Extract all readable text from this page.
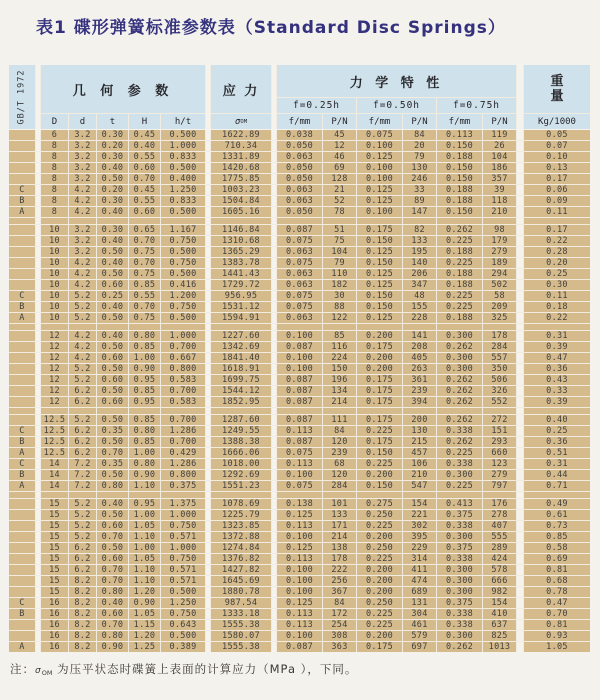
表1 碟形弹簧标准参数表（Standard Disc Springs）
GB/T 1972	几 何 参 数	应 力
力 学 特 性
f=0.25h	f=0.50h	f=0.75h
重
量
D	d	t	H	h/t	σ OM	f/mm	P/N	f/mm	P/N	f/mm	P/N	Kg/1000
6	3.2	0.30	0.45	0.500	1622.89	0.038	45	0.075	84	0.113	119	0.05
8	3.2	0.20	0.40	1.000	710.34	0.050	12	0.100	20	0.150	26	0.07
8	3.2	0.30	0.55	0.833	1331.89	0.063	46	0.125	79	0.188	104	0.10
8	3.2	0.40	0.60	0.500	1420.68	0.050	69	0.100	130	0.150	186	0.13
8	3.2	0.50	0.70	0.400	1775.85	0.050	128	0.100	246	0.150	357	0.17
C	8	4.2	0.20	0.45	1.250	1003.23	0.063	21	0.125	33	0.188	39	0.06
B	8	4.2	0.30	0.55	0.833	1504.84	0.063	52	0.125	89	0.188	118	0.09
A	8	4.2	0.40	0.60	0.500	1605.16	0.050	78	0.100	147	0.150	210	0.11
10	3.2	0.30	0.65	1.167	1146.84	0.087	51	0.175	82	0.262	98	0.17
10	3.2	0.40	0.70	0.750	1310.68	0.075	75	0.150	133	0.225	179	0.22
10	3.2	0.50	0.75	0.500	1365.29	0.063	104	0.125	195	0.188	279	0.28
10	4.2	0.40	0.70	0.750	1383.78	0.075	79	0.150	140	0.225	189	0.20
10	4.2	0.50	0.75	0.500	1441.43	0.063	110	0.125	206	0.188	294	0.25
10	4.2	0.60	0.85	0.416	1729.72	0.063	182	0.125	347	0.188	502	0.30
C	10	5.2	0.25	0.55	1.200	956.95	0.075	30	0.150	48	0.225	58	0.11
B	10	5.2	0.40	0.70	0.750	1531.12	0.075	88	0.150	155	0.225	209	0.18
A	10	5.2	0.50	0.75	0.500	1594.91	0.063	122	0.125	228	0.188	325	0.22
12	4.2	0.40	0.80	1.000	1227.60	0.100	85	0.200	141	0.300	178	0.31
12	4.2	0.50	0.85	0.700	1342.69	0.087	116	0.175	208	0.262	284	0.39
12	4.2	0.60	1.00	0.667	1841.40	0.100	224	0.200	405	0.300	557	0.47
12	5.2	0.50	0.90	0.800	1618.91	0.100	150	0.200	263	0.300	350	0.36
12	5.2	0.60	0.95	0.583	1699.75	0.087	196	0.175	361	0.262	506	0.43
12	6.2	0.50	0.85	0.700	1544.12	0.087	134	0.175	239	0.262	326	0.33
12	6.2	0.60	0.95	0.583	1852.95	0.087	214	0.175	394	0.262	552	0.39
12.5	5.2	0.50	0.85	0.700	1287.60	0.087	111	0.175	200	0.262	272	0.40
C	12.5	6.2	0.35	0.80	1.286	1249.55	0.113	84	0.225	130	0.338	151	0.25
B	12.5	6.2	0.50	0.85	0.700	1388.38	0.087	120	0.175	215	0.262	293	0.36
A	12.5	6.2	0.70	1.00	0.429	1666.06	0.075	239	0.150	457	0.225	660	0.51
C	14	7.2	0.35	0.80	1.286	1018.00	0.113	68	0.225	106	0.338	123	0.31
B	14	7.2	0.50	0.90	0.800	1292.69	0.100	120	0.200	210	0.300	279	0.44
A	14	7.2	0.80	1.10	0.375	1551.23	0.075	284	0.150	547	0.225	797	0.71
15	5.2	0.40	0.95	1.375	1078.69	0.138	101	0.275	154	0.413	176	0.49
15	5.2	0.50	1.00	1.000	1225.79	0.125	133	0.250	221	0.375	278	0.61
15	5.2	0.60	1.05	0.750	1323.85	0.113	171	0.225	302	0.338	407	0.73
15	5.2	0.70	1.10	0.571	1372.88	0.100	214	0.200	395	0.300	555	0.85
15	6.2	0.50	1.00	1.000	1274.84	0.125	138	0.250	229	0.375	289	0.58
15	6.2	0.60	1.05	0.750	1376.82	0.113	178	0.225	314	0.338	424	0.69
15	6.2	0.70	1.10	0.571	1427.82	0.100	222	0.200	411	0.300	578	0.81
15	8.2	0.70	1.10	0.571	1645.69	0.100	256	0.200	474	0.300	666	0.68
15	8.2	0.80	1.20	0.500	1880.78	0.100	367	0.200	689	0.300	982	0.78
C	16	8.2	0.40	0.90	1.250	987.54	0.125	84	0.250	131	0.375	154	0.47
B	16	8.2	0.60	1.05	0.750	1333.18	0.113	172	0.225	304	0.338	410	0.70
16	8.2	0.70	1.15	0.643	1555.38	0.113	254	0.225	461	0.338	637	0.81
16	8.2	0.80	1.20	0.500	1580.07	0.100	308	0.200	579	0.300	825	0.93
A	16	8.2	0.90	1.25	0.389	1555.38	0.087	363	0.175	697	0.262	1013	1.05
注：$\sigma_{OM}$ 为压平状态时碟簧上表面的计算应力（MPa ），下同。
